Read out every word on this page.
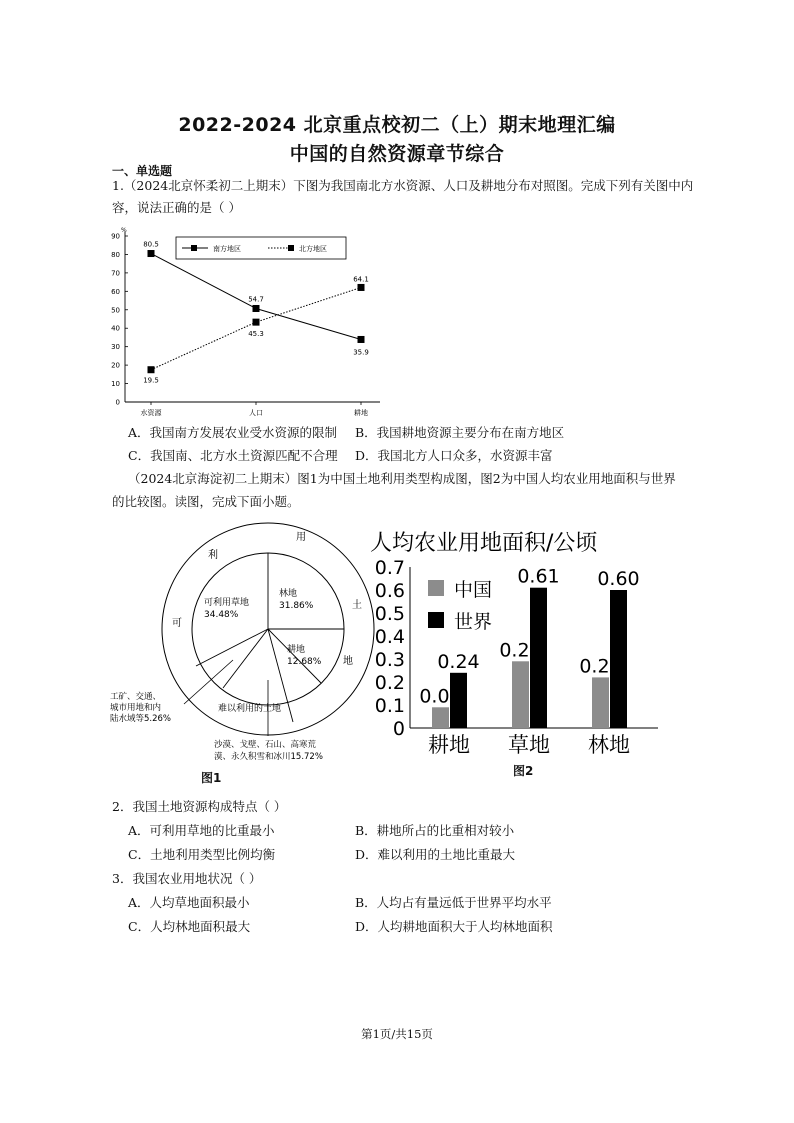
2022-2024 北京重点校初二（上）期末地理汇编
中国的自然资源章节综合
一、单选题
1.（2024北京怀柔初二上期末）下图为我国南北方水资源、人口及耕地分布对照图。完成下列有关图中内
容，说法正确的是（ ）
%
0
10
20
30
40
50
60
70
80
90
水资源	人口	耕地
南方地区	北方地区
80.5
54.7
35.9
19.5
45.3
64.1
A．我国南方发展农业受水资源的限制 B．我国耕地资源主要分布在南方地区
C．我国南、北方水土资源匹配不合理 D．我国北方人口众多，水资源丰富
（2024北京海淀初二上期末）图1为中国土地利用类型构成图，图2为中国人均农业用地面积与世界
的比较图。读图，完成下面小题。
利
用
土
地
可
可利用草地
34.48%
林地
31.86%
耕地
12.68%
难以利用的土地
工矿、交通、
城市用地和内
陆水域等5.26%
沙漠、戈壁、石山、高寒荒
漠、永久积雪和冰川15.72%
图1
人均农业用地面积/公顷
0
0.1
0.2
0.3
0.4
0.5
0.6
0.7
耕地 草地 林地
中国
世界
0.09
0.24
0.29
0.61
0.22
0.60
图2
2．我国土地资源构成特点（ ）
A．可利用草地的比重最小	B．耕地所占的比重相对较小
C．土地利用类型比例均衡	D．难以利用的土地比重最大
3．我国农业用地状况（ ）
A．人均草地面积最小	B．人均占有量远低于世界平均水平
C．人均林地面积最大	D．人均耕地面积大于人均林地面积
第1页/共15页
